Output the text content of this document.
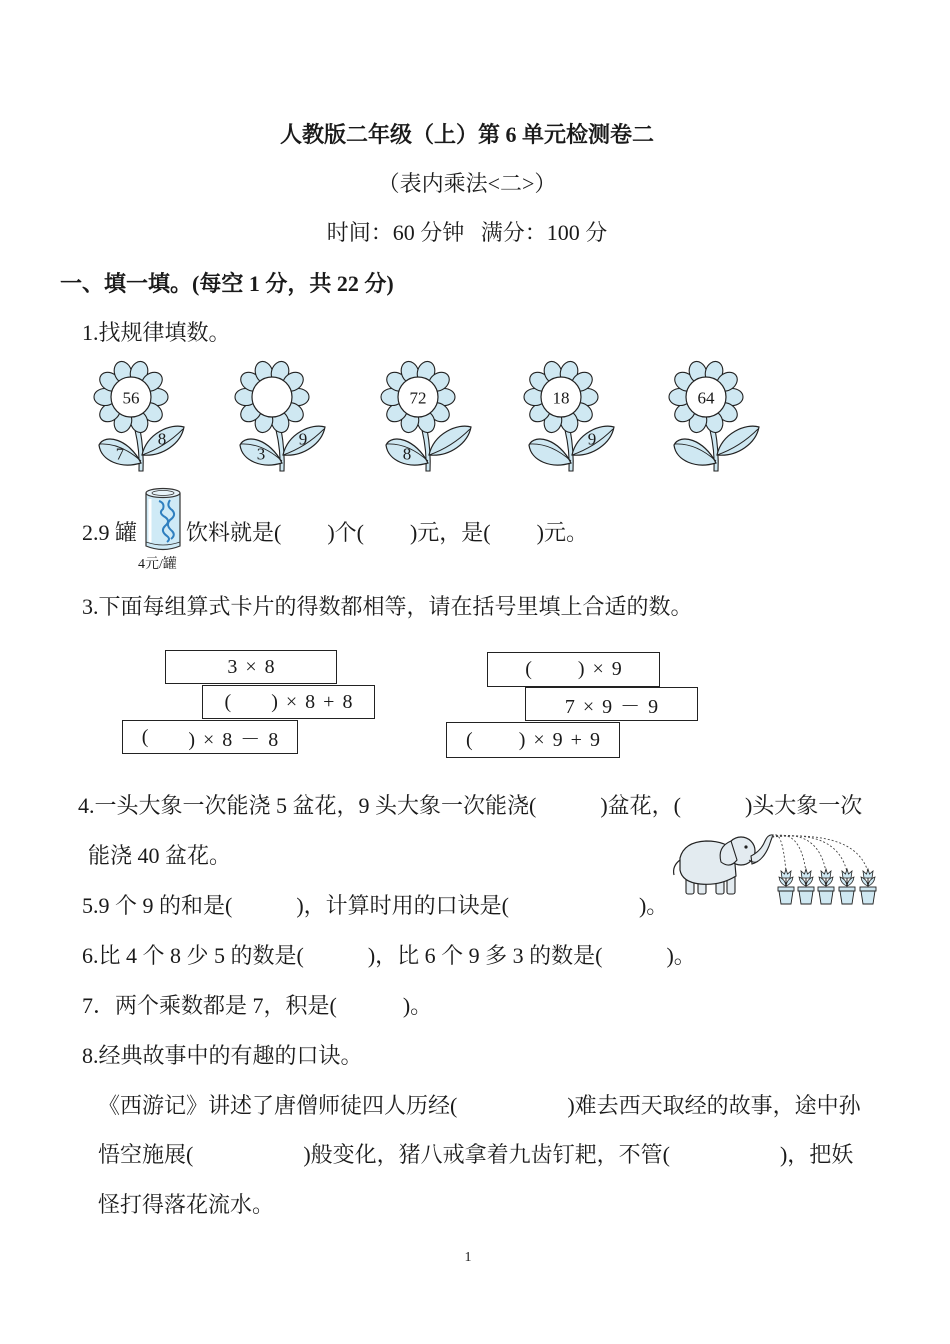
人教版二年级（上）第 6 单元检测卷二
（表内乘法<二>）
时间：60 分钟   满分：100 分
一、填一填。(每空 1 分，共 22 分)
1.找规律填数。
56
7
8
3
9
72
8
18
9
64
2.9 罐
4元/罐
饮料就是( )个( )元，是( )元。
3.下面每组算式卡片的得数都相等，请在括号里填上合适的数。
3 × 8
( ) × 8 + 8
( ) × 8 － 8
( ) × 9
7 × 9 － 9
( ) × 9 + 9
4.一头大象一次能浇 5 盆花，9 头大象一次能浇(	)盆花，(	)头大象一次
能浇 40 盆花。
5.9 个 9 的和是(	)，计算时用的口诀是(	)。
6.比 4 个 8 少 5 的数是(	)，比 6 个 9 多 3 的数是(	)。
7．两个乘数都是 7，积是(	)。
8.经典故事中的有趣的口诀。
《西游记》讲述了唐僧师徒四人历经(	)难去西天取经的故事，途中孙
悟空施展(	)般变化，猪八戒拿着九齿钉耙，不管(	)，把妖
怪打得落花流水。
1
